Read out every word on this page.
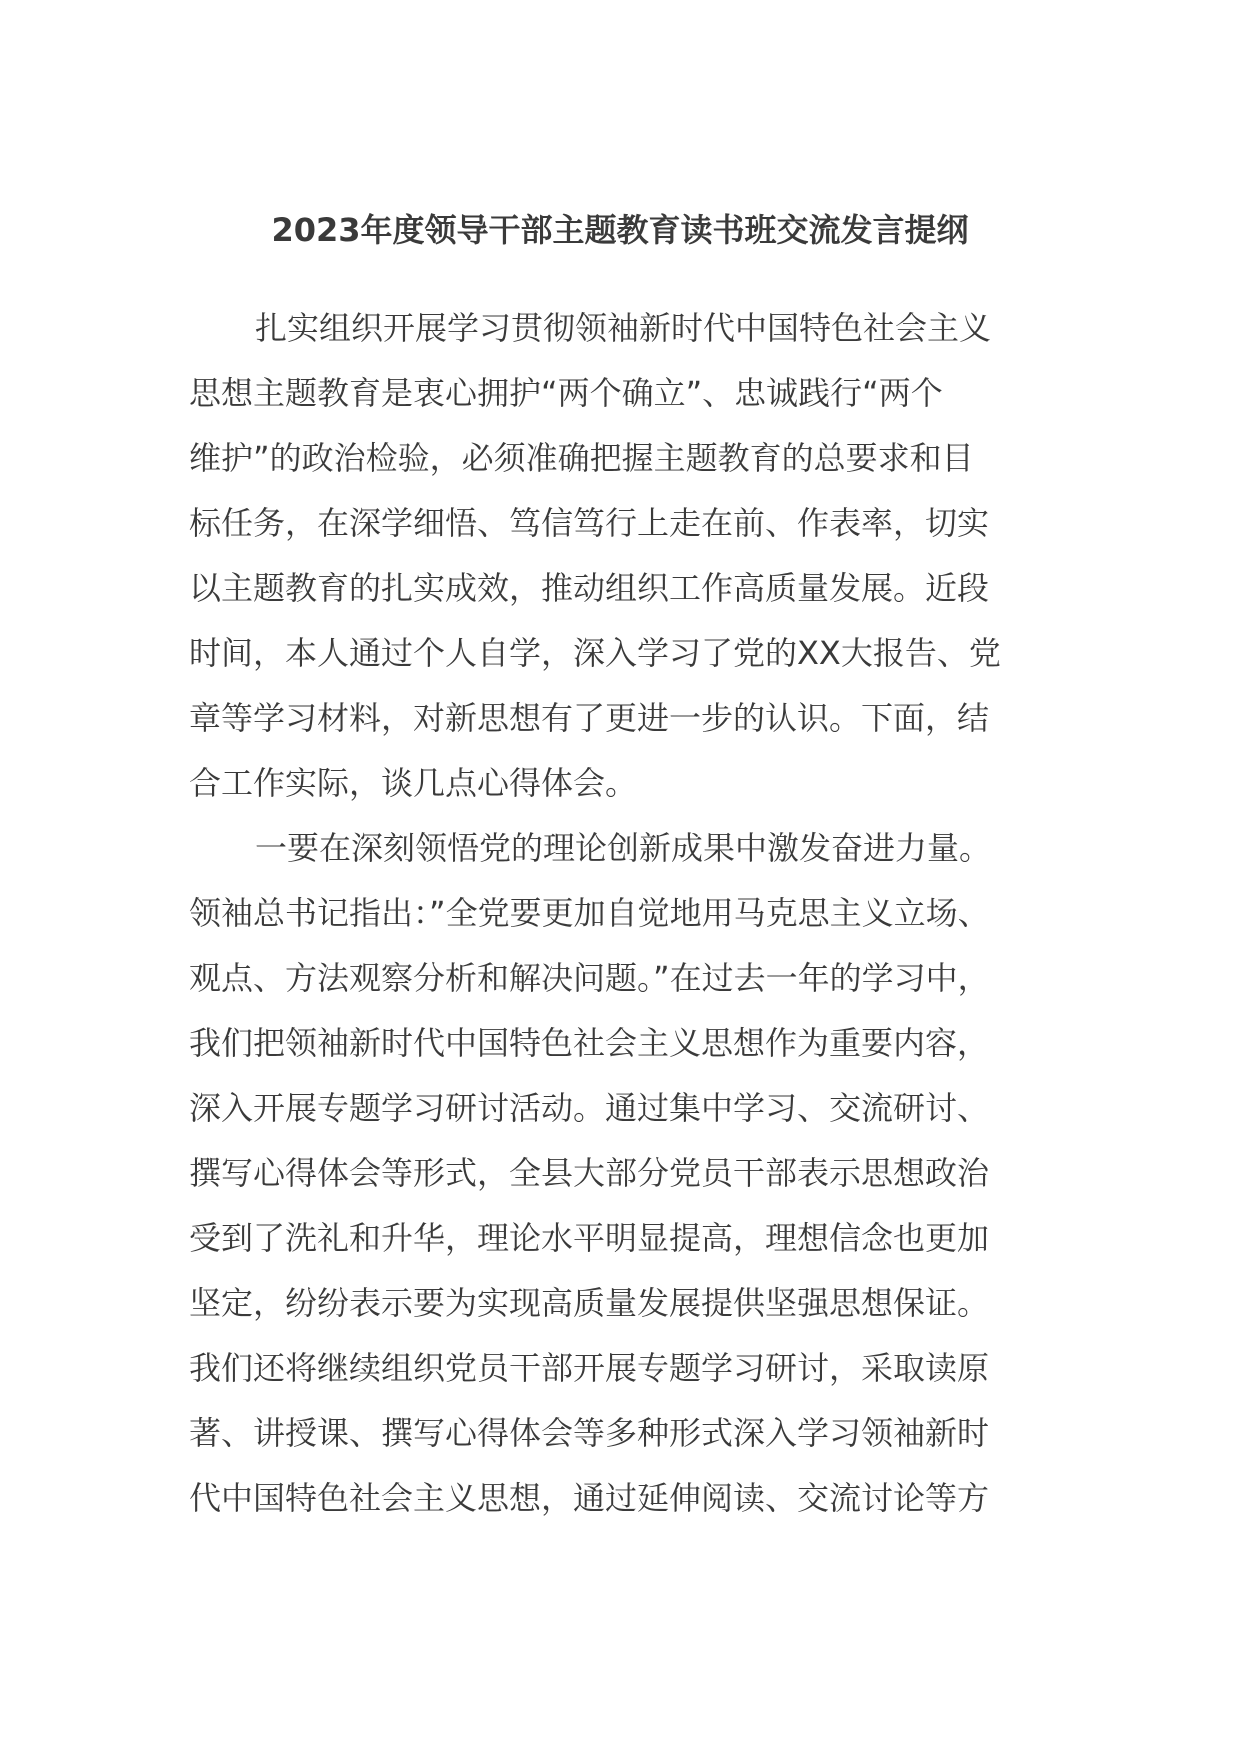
2023年度领导干部主题教育读书班交流发言提纲
扎实组织开展学习贯彻领袖新时代中国特色社会主义
思想主题教育是衷心拥护“两个确立”、忠诚践行“两个
维护”的政治检验，必须准确把握主题教育的总要求和目
标任务，在深学细悟、笃信笃行上走在前、作表率，切实
以主题教育的扎实成效，推动组织工作高质量发展。近段
时间，本人通过个人自学，深入学习了党的XX大报告、党
章等学习材料，对新思想有了更进一步的认识。下面，结
合工作实际，谈几点心得体会。
一要在深刻领悟党的理论创新成果中激发奋进力量。
领袖总书记指出：”全党要更加自觉地用马克思主义立场、
观点、方法观察分析和解决问题。”在过去一年的学习中，
我们把领袖新时代中国特色社会主义思想作为重要内容，
深入开展专题学习研讨活动。通过集中学习、交流研讨、
撰写心得体会等形式，全县大部分党员干部表示思想政治
受到了洗礼和升华，理论水平明显提高，理想信念也更加
坚定，纷纷表示要为实现高质量发展提供坚强思想保证。
我们还将继续组织党员干部开展专题学习研讨，采取读原
著、讲授课、撰写心得体会等多种形式深入学习领袖新时
代中国特色社会主义思想，通过延伸阅读、交流讨论等方
